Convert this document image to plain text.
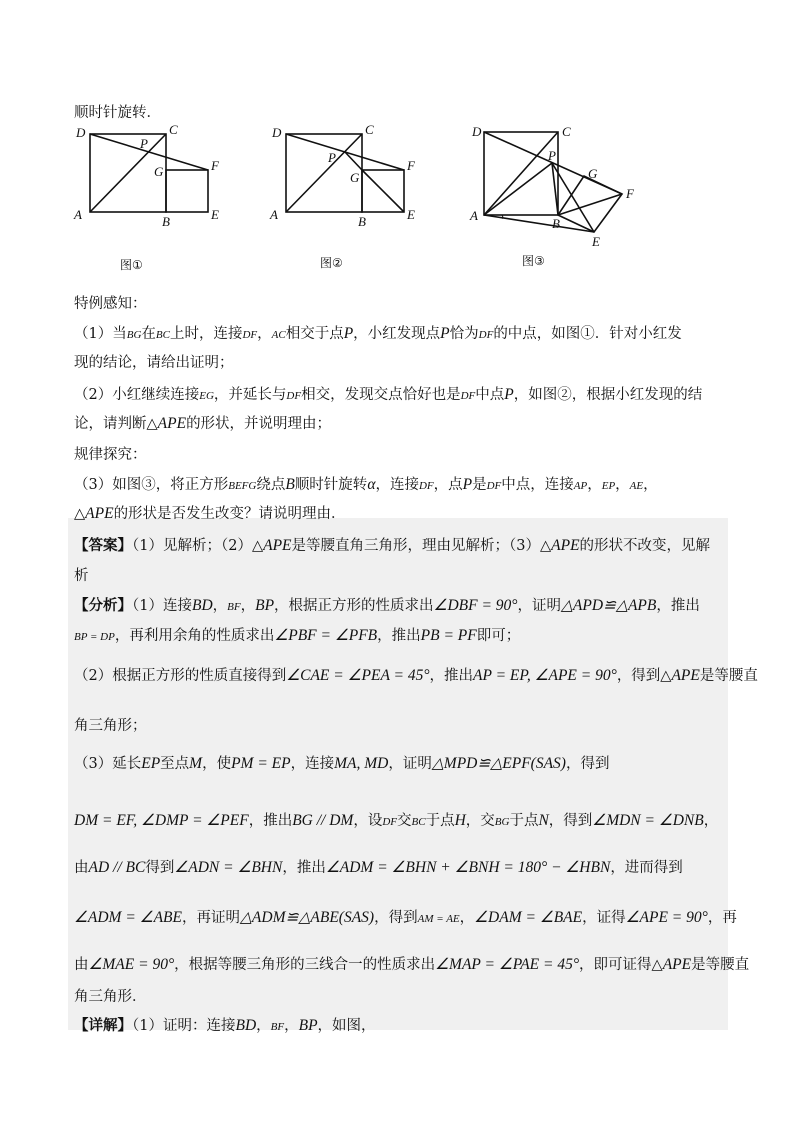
顺时针旋转．
D	C
P
G	F
A	B	E
图①
D	C
P
G
F
A	B	E
图②
D	C
P
G
F
A
B
E
图③
特例感知：
（1）当BG在BC上时，连接DF，AC相交于点P，小红发现点P恰为DF的中点，如图①．针对小红发
现的结论，请给出证明；
（2）小红继续连接EG，并延长与DF相交，发现交点恰好也是DF中点P，如图②，根据小红发现的结
论，请判断△APE的形状，并说明理由；
规律探究：
（3）如图③，将正方形BEFG绕点B顺时针旋转α，连接DF，点P是DF中点，连接AP，EP，AE，
△APE的形状是否发生改变？请说明理由．
【答案】（1）见解析；（2）△APE是等腰直角三角形，理由见解析；（3）△APE的形状不改变，见解
析
【分析】（1）连接BD，BF，BP，根据正方形的性质求出∠DBF = 90°，证明△APD≌△APB，推出
BP = DP，再利用余角的性质求出∠PBF = ∠PFB，推出PB = PF即可；
（2）根据正方形的性质直接得到∠CAE = ∠PEA = 45°，推出AP = EP, ∠APE = 90°，得到△APE是等腰直
角三角形；
（3）延长EP至点M，使PM = EP，连接MA, MD，证明△MPD≌△EPF(SAS)，得到
DM = EF, ∠DMP = ∠PEF，推出BG // DM，设DF交BC于点H，交BG于点N，得到∠MDN = ∠DNB，
由AD // BC得到∠ADN = ∠BHN，推出∠ADM = ∠BHN + ∠BNH = 180° − ∠HBN，进而得到
∠ADM = ∠ABE，再证明△ADM≌△ABE(SAS)，得到AM = AE，∠DAM = ∠BAE，证得∠APE = 90°，再
由∠MAE = 90°，根据等腰三角形的三线合一的性质求出∠MAP = ∠PAE = 45°，即可证得△APE是等腰直
角三角形．
【详解】（1）证明：连接BD，BF，BP，如图，
